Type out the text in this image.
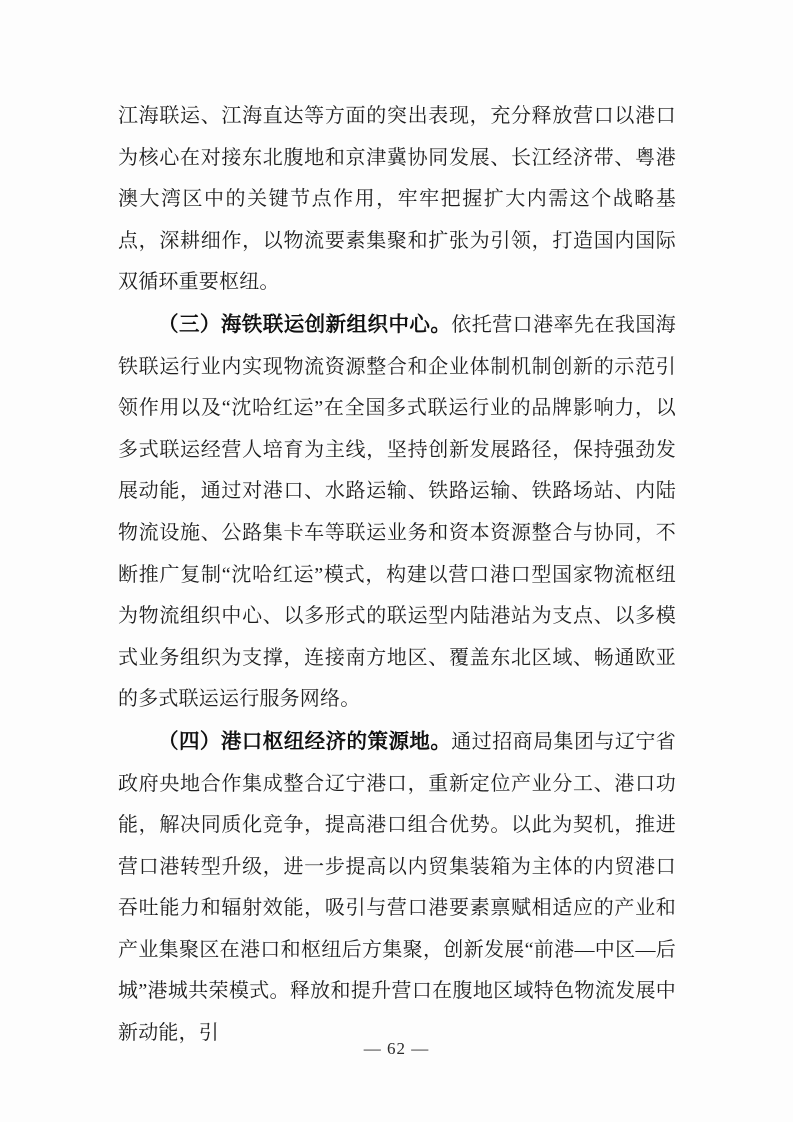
江海联运、江海直达等方面的突出表现，充分释放营口以港口为核心在对接东北腹地和京津冀协同发展、长江经济带、粤港澳大湾区中的关键节点作用，牢牢把握扩大内需这个战略基点，深耕细作，以物流要素集聚和扩张为引领，打造国内国际双循环重要枢纽。

（三）海铁联运创新组织中心。依托营口港率先在我国海铁联运行业内实现物流资源整合和企业体制机制创新的示范引领作用以及“沈哈红运”在全国多式联运行业的品牌影响力，以多式联运经营人培育为主线，坚持创新发展路径，保持强劲发展动能，通过对港口、水路运输、铁路运输、铁路场站、内陆物流设施、公路集卡车等联运业务和资本资源整合与协同，不断推广复制“沈哈红运”模式，构建以营口港口型国家物流枢纽为物流组织中心、以多形式的联运型内陆港站为支点、以多模式业务组织为支撑，连接南方地区、覆盖东北区域、畅通欧亚的多式联运运行服务网络。

（四）港口枢纽经济的策源地。通过招商局集团与辽宁省政府央地合作集成整合辽宁港口，重新定位产业分工、港口功能，解决同质化竞争，提高港口组合优势。以此为契机，推进营口港转型升级，进一步提高以内贸集装箱为主体的内贸港口吞吐能力和辐射效能，吸引与营口港要素禀赋相适应的产业和产业集聚区在港口和枢纽后方集聚，创新发展“前港—中区—后城”港城共荣模式。释放和提升营口在腹地区域特色物流发展中新动能，引

— 62 —
